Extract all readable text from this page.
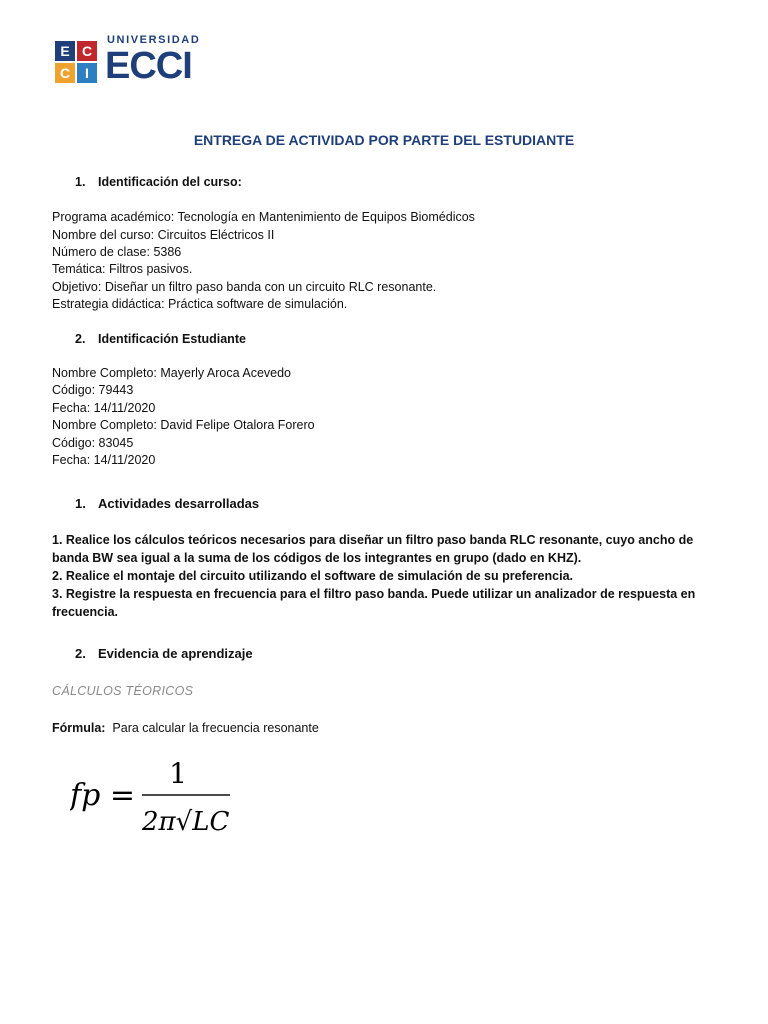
E C
C	I
UNIVERSIDAD
ECCI
ENTREGA DE ACTIVIDAD POR PARTE DEL ESTUDIANTE
1. Identificación del curso:
Programa académico: Tecnología en Mantenimiento de Equipos Biomédicos
Nombre del curso: Circuitos Eléctricos II
Número de clase: 5386
Temática: Filtros pasivos.
Objetivo: Diseñar un filtro paso banda con un circuito RLC resonante.
Estrategia didáctica: Práctica software de simulación.
2. Identificación Estudiante
Nombre Completo: Mayerly Aroca Acevedo
Código: 79443
Fecha: 14/11/2020
Nombre Completo: David Felipe Otalora Forero
Código: 83045
Fecha: 14/11/2020
1. Actividades desarrolladas
1. Realice los cálculos teóricos necesarios para diseñar un filtro paso banda RLC resonante, cuyo ancho de banda BW sea igual a la suma de los códigos de los integrantes en grupo (dado en KHZ).
2. Realice el montaje del circuito utilizando el software de simulación de su preferencia.
3. Registre la respuesta en frecuencia para el filtro paso banda. Puede utilizar un analizador de respuesta en frecuencia.
2. Evidencia de aprendizaje
CÁLCULOS TÉORICOS
Fórmula:  Para calcular la frecuencia resonante
fp =
1
2π√LC
